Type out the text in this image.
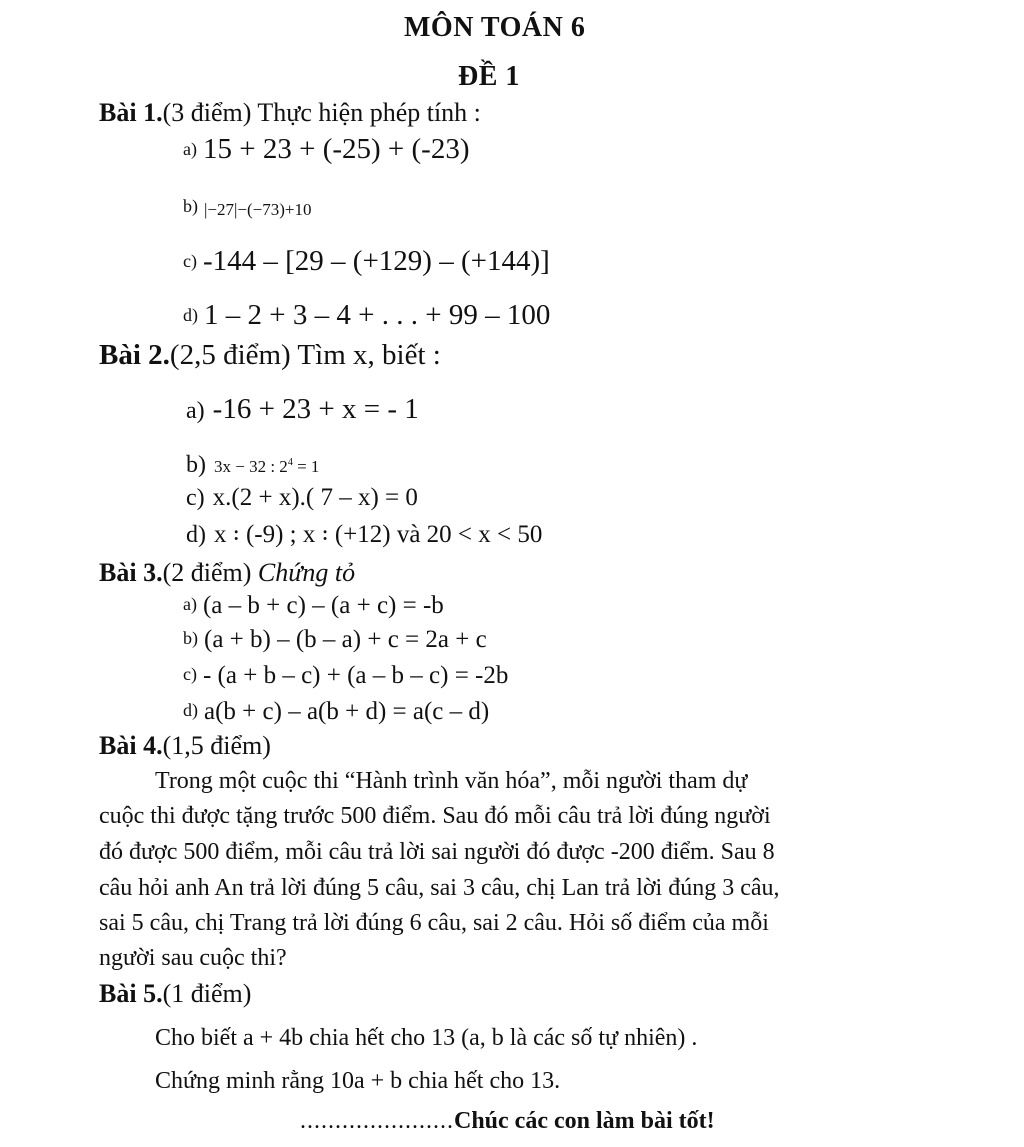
MÔN TOÁN 6
ĐỀ 1
Bài 1.(3 điểm) Thực hiện phép tính :
a) 15 + 23 + (-25) + (-23)
b) |−27|−(−73)+10
c) -144 – [29 – (+129) – (+144)]
d) 1 – 2 + 3 – 4 + . . . + 99 – 100
Bài 2.(2,5 điểm) Tìm x, biết :
a) -16 + 23 + x = - 1
b) 3x − 32 : $2^4 = 1$
c) x.(2 + x).( 7 – x) = 0
d) x ꞉ (-9) ; x ꞉ (+12) và 20 < x < 50
Bài 3.(2 điểm) Chứng tỏ
a) (a – b + c) – (a + c) = -b
b) (a + b) – (b – a) + c = 2a + c
c) - (a + b – c) + (a – b – c) = -2b
d) a(b + c) – a(b + d) = a(c – d)
Bài 4.(1,5 điểm)
Trong một cuộc thi “Hành trình văn hóa”, mỗi người tham dự
cuộc thi được tặng trước 500 điểm. Sau đó mỗi câu trả lời đúng người
đó được 500 điểm, mỗi câu trả lời sai người đó được -200 điểm. Sau 8
câu hỏi anh An trả lời đúng 5 câu, sai 3 câu, chị Lan trả lời đúng 3 câu,
sai 5 câu, chị Trang trả lời đúng 6 câu, sai 2 câu. Hỏi số điểm của mỗi
người sau cuộc thi?
Bài 5.(1 điểm)
Cho biết a + 4b chia hết cho 13 (a, b là các số tự nhiên) .
Chứng minh rằng 10a + b chia hết cho 13.
......................Chúc các con làm bài tốt!
